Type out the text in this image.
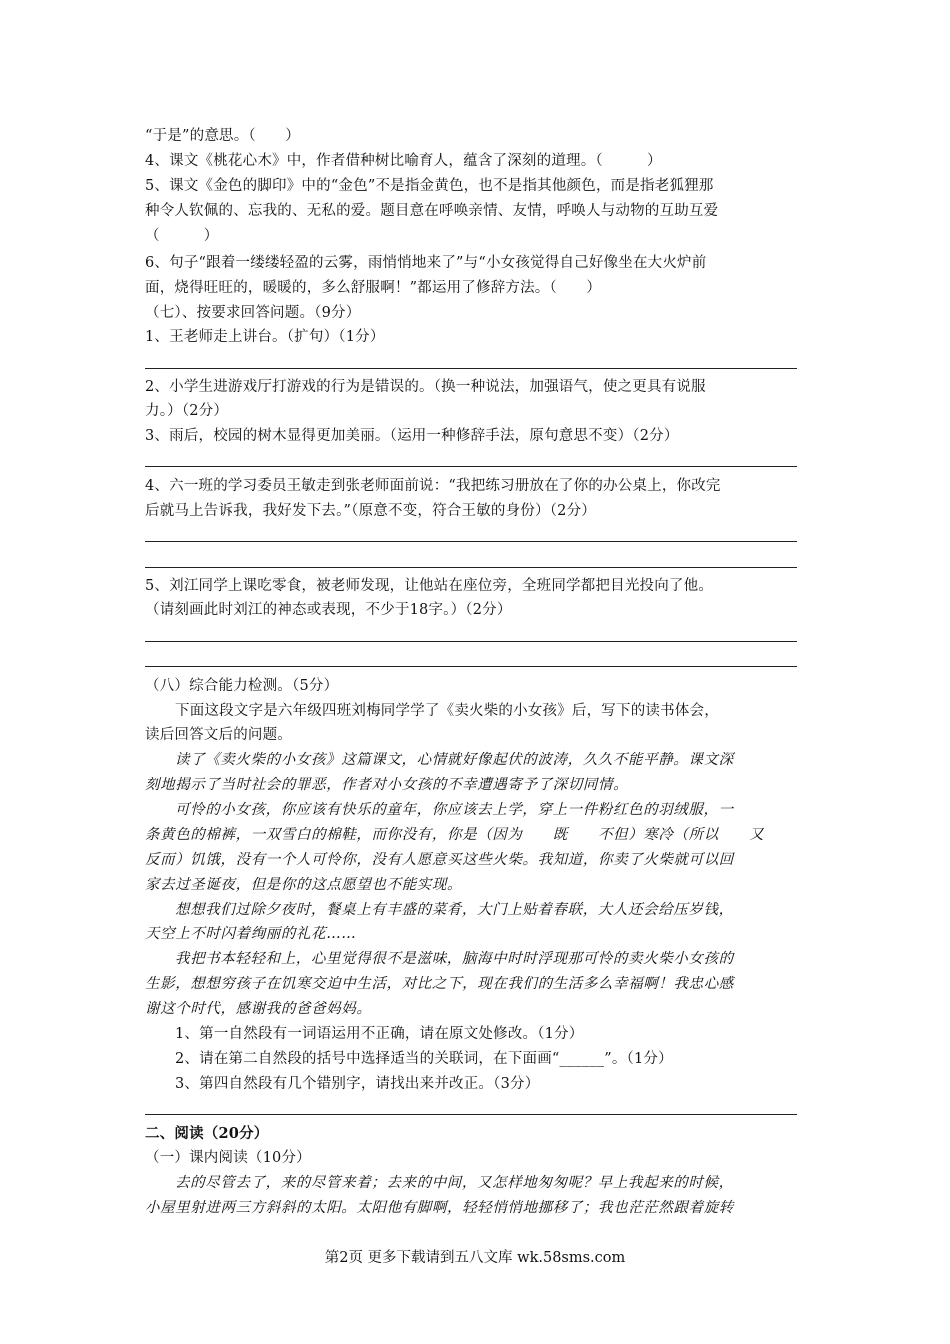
“于是”的意思。（　　）
4、课文《桃花心木》中，作者借种树比喻育人，蕴含了深刻的道理。（　　　）
5、课文《金色的脚印》中的“金色”不是指金黄色，也不是指其他颜色，而是指老狐狸那
种令人钦佩的、忘我的、无私的爱。题目意在呼唤亲情、友情，呼唤人与动物的互助互爱
（　　　）
6、句子“跟着一缕缕轻盈的云雾，雨悄悄地来了”与“小女孩觉得自己好像坐在大火炉前
面，烧得旺旺的，暖暖的，多么舒服啊！”都运用了修辞方法。（　　）
（七）、按要求回答问题。（9分）
1、王老师走上讲台。（扩句）（1分）
2、小学生进游戏厅打游戏的行为是错误的。（换一种说法，加强语气，使之更具有说服
力。）（2分）
3、雨后，校园的树木显得更加美丽。（运用一种修辞手法，原句意思不变）（2分）
4、六一班的学习委员王敏走到张老师面前说：“我把练习册放在了你的办公桌上，你改完
后就马上告诉我，我好发下去。”（原意不变，符合王敏的身份）（2分）
5、刘江同学上课吃零食，被老师发现，让他站在座位旁，全班同学都把目光投向了他。
（请刻画此时刘江的神态或表现，不少于18字。）（2分）
（八）综合能力检测。（5分）
下面这段文字是六年级四班刘梅同学学了《卖火柴的小女孩》后，写下的读书体会，
读后回答文后的问题。
读了《卖火柴的小女孩》这篇课文，心情就好像起伏的波涛，久久不能平静。课文深
刻地揭示了当时社会的罪恶，作者对小女孩的不幸遭遇寄予了深切同情。
可怜的小女孩，你应该有快乐的童年，你应该去上学，穿上一件粉红色的羽绒服，一
条黄色的棉裤，一双雪白的棉鞋，而你没有，你是（因为　　既　　不但）寒冷（所以　　又
反而）饥饿，没有一个人可怜你，没有人愿意买这些火柴。我知道，你卖了火柴就可以回
家去过圣诞夜，但是你的这点愿望也不能实现。
想想我们过除夕夜时，餐桌上有丰盛的菜肴，大门上贴着春联，大人还会给压岁钱，
天空上不时闪着绚丽的礼花……
我把书本轻轻和上，心里觉得很不是滋味，脑海中时时浮现那可怜的卖火柴小女孩的
生影，想想穷孩子在饥寒交迫中生活，对比之下，现在我们的生活多么幸福啊！我忠心感
谢这个时代，感谢我的爸爸妈妈。
1、第一自然段有一词语运用不正确，请在原文处修改。（1分）
2、请在第二自然段的括号中选择适当的关联词，在下面画“______”。（1分）
3、第四自然段有几个错别字，请找出来并改正。（3分）
二、阅读（20分）
（一）课内阅读（10分）
去的尽管去了，来的尽管来着；去来的中间，又怎样地匆匆呢？早上我起来的时候，
小屋里射进两三方斜斜的太阳。太阳他有脚啊，轻轻悄悄地挪移了；我也茫茫然跟着旋转
第2页 更多下载请到五八文库 wk.58sms.com
